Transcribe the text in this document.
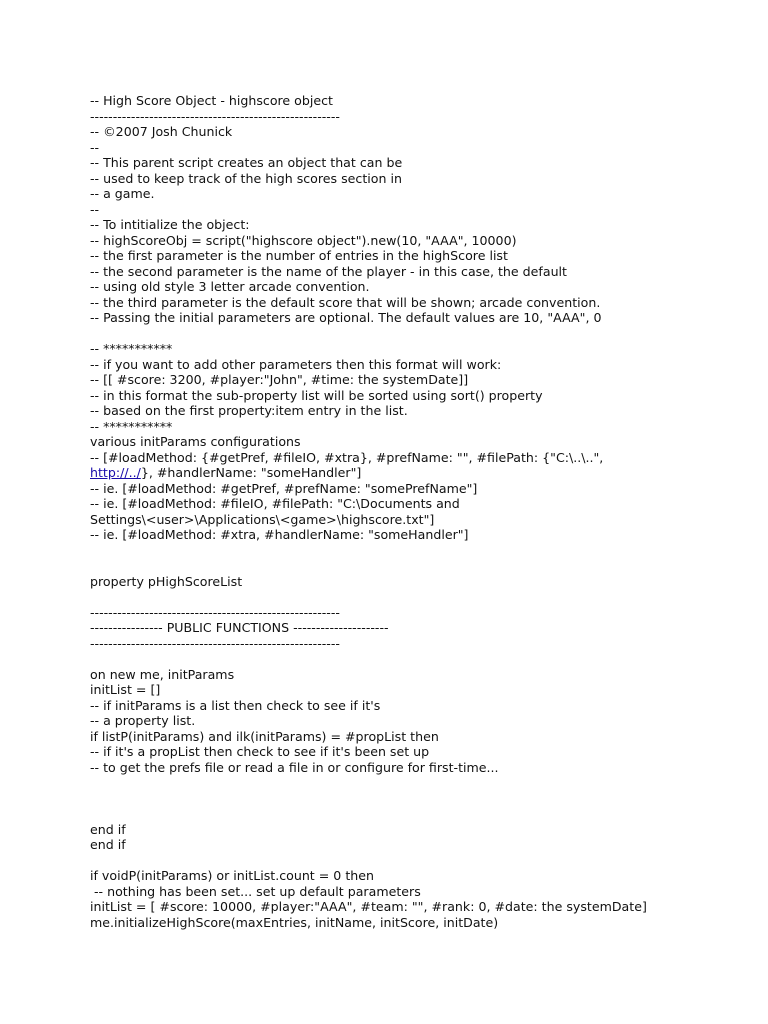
-- High Score Object - highscore object
-------------------------------------------------------
-- ©2007 Josh Chunick
--
-- This parent script creates an object that can be
-- used to keep track of the high scores section in
-- a game.
--
-- To intitialize the object:
-- highScoreObj = script("highscore object").new(10, "AAA", 10000)
-- the first parameter is the number of entries in the highScore list
-- the second parameter is the name of the player - in this case, the default
-- using old style 3 letter arcade convention.
-- the third parameter is the default score that will be shown; arcade convention.
-- Passing the initial parameters are optional. The default values are 10, "AAA", 0
-- ***********
-- if you want to add other parameters then this format will work:
-- [[ #score: 3200, #player:"John", #time: the systemDate]]
-- in this format the sub-property list will be sorted using sort() property
-- based on the first property:item entry in the list.
-- ***********
various initParams configurations
-- [#loadMethod: {#getPref, #fileIO, #xtra}, #prefName: "", #filePath: {"C:\..\..",
http://../}, #handlerName: "someHandler"]
-- ie. [#loadMethod: #getPref, #prefName: "somePrefName"]
-- ie. [#loadMethod: #fileIO, #filePath: "C:\Documents and
Settings\<user>\Applications\<game>\highscore.txt"]
-- ie. [#loadMethod: #xtra, #handlerName: "someHandler"]
property pHighScoreList
-------------------------------------------------------
---------------- PUBLIC FUNCTIONS ---------------------
-------------------------------------------------------
on new me, initParams
initList = []
-- if initParams is a list then check to see if it's
-- a property list.
if listP(initParams) and ilk(initParams) = #propList then
-- if it's a propList then check to see if it's been set up
-- to get the prefs file or read a file in or configure for first-time...
end if
end if
if voidP(initParams) or initList.count = 0 then
-- nothing has been set... set up default parameters
initList = [ #score: 10000, #player:"AAA", #team: "", #rank: 0, #date: the systemDate]
me.initializeHighScore(maxEntries, initName, initScore, initDate)
